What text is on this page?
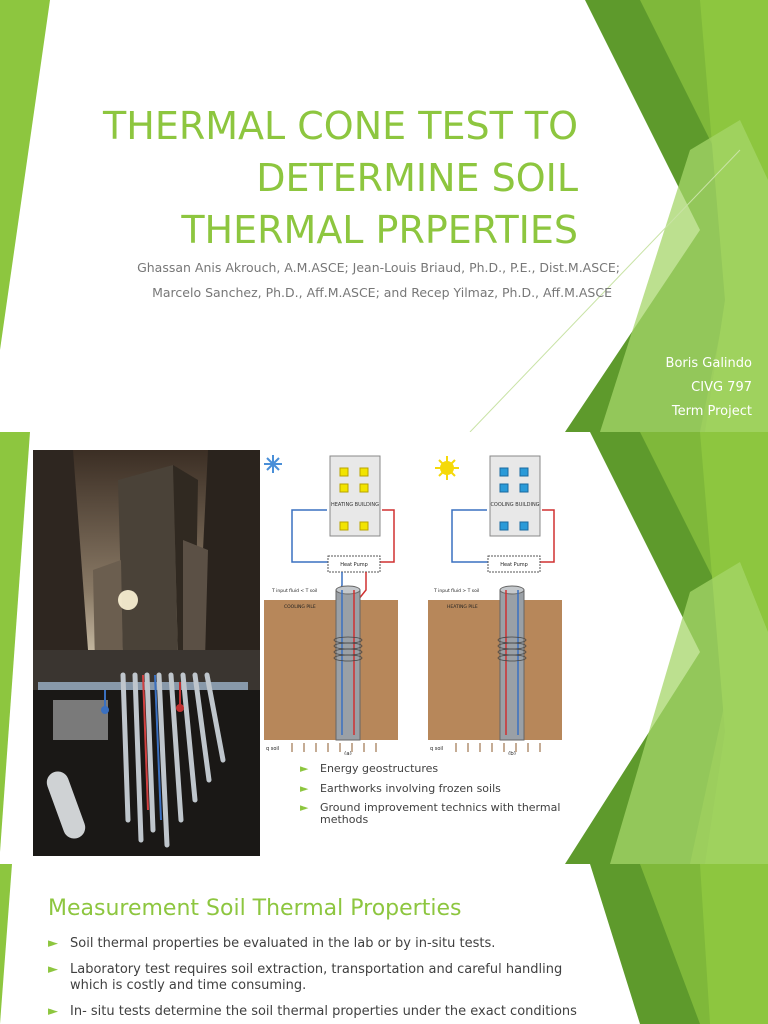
THERMAL CONE TEST TO
DETERMINE SOIL
THERMAL PRPERTIES
Ghassan Anis Akrouch, A.M.ASCE; Jean-Louis Briaud, Ph.D., P.E., Dist.M.ASCE;
Marcelo Sanchez, Ph.D., Aff.M.ASCE; and Recep Yilmaz, Ph.D., Aff.M.ASCE
Boris Galindo
CIVG 797
Term Project
HEATING BUILDING	COOLING BUILDING
Heat Pump	Heat Pump
T input fluid < T soil	T input fluid > T soil
COOLING PILE	HEATING PILE
q soil	q soil
(a)	(b)
► Energy geostructures
► Earthworks involving frozen soils
► Ground improvement technics with thermal methods
Measurement Soil Thermal Properties
► Soil thermal properties be evaluated in the lab or by in-situ tests.
► Laboratory test requires soil extraction, transportation and careful handling which is costly and time consuming.
► In- situ tests determine the soil thermal properties under the exact conditions
